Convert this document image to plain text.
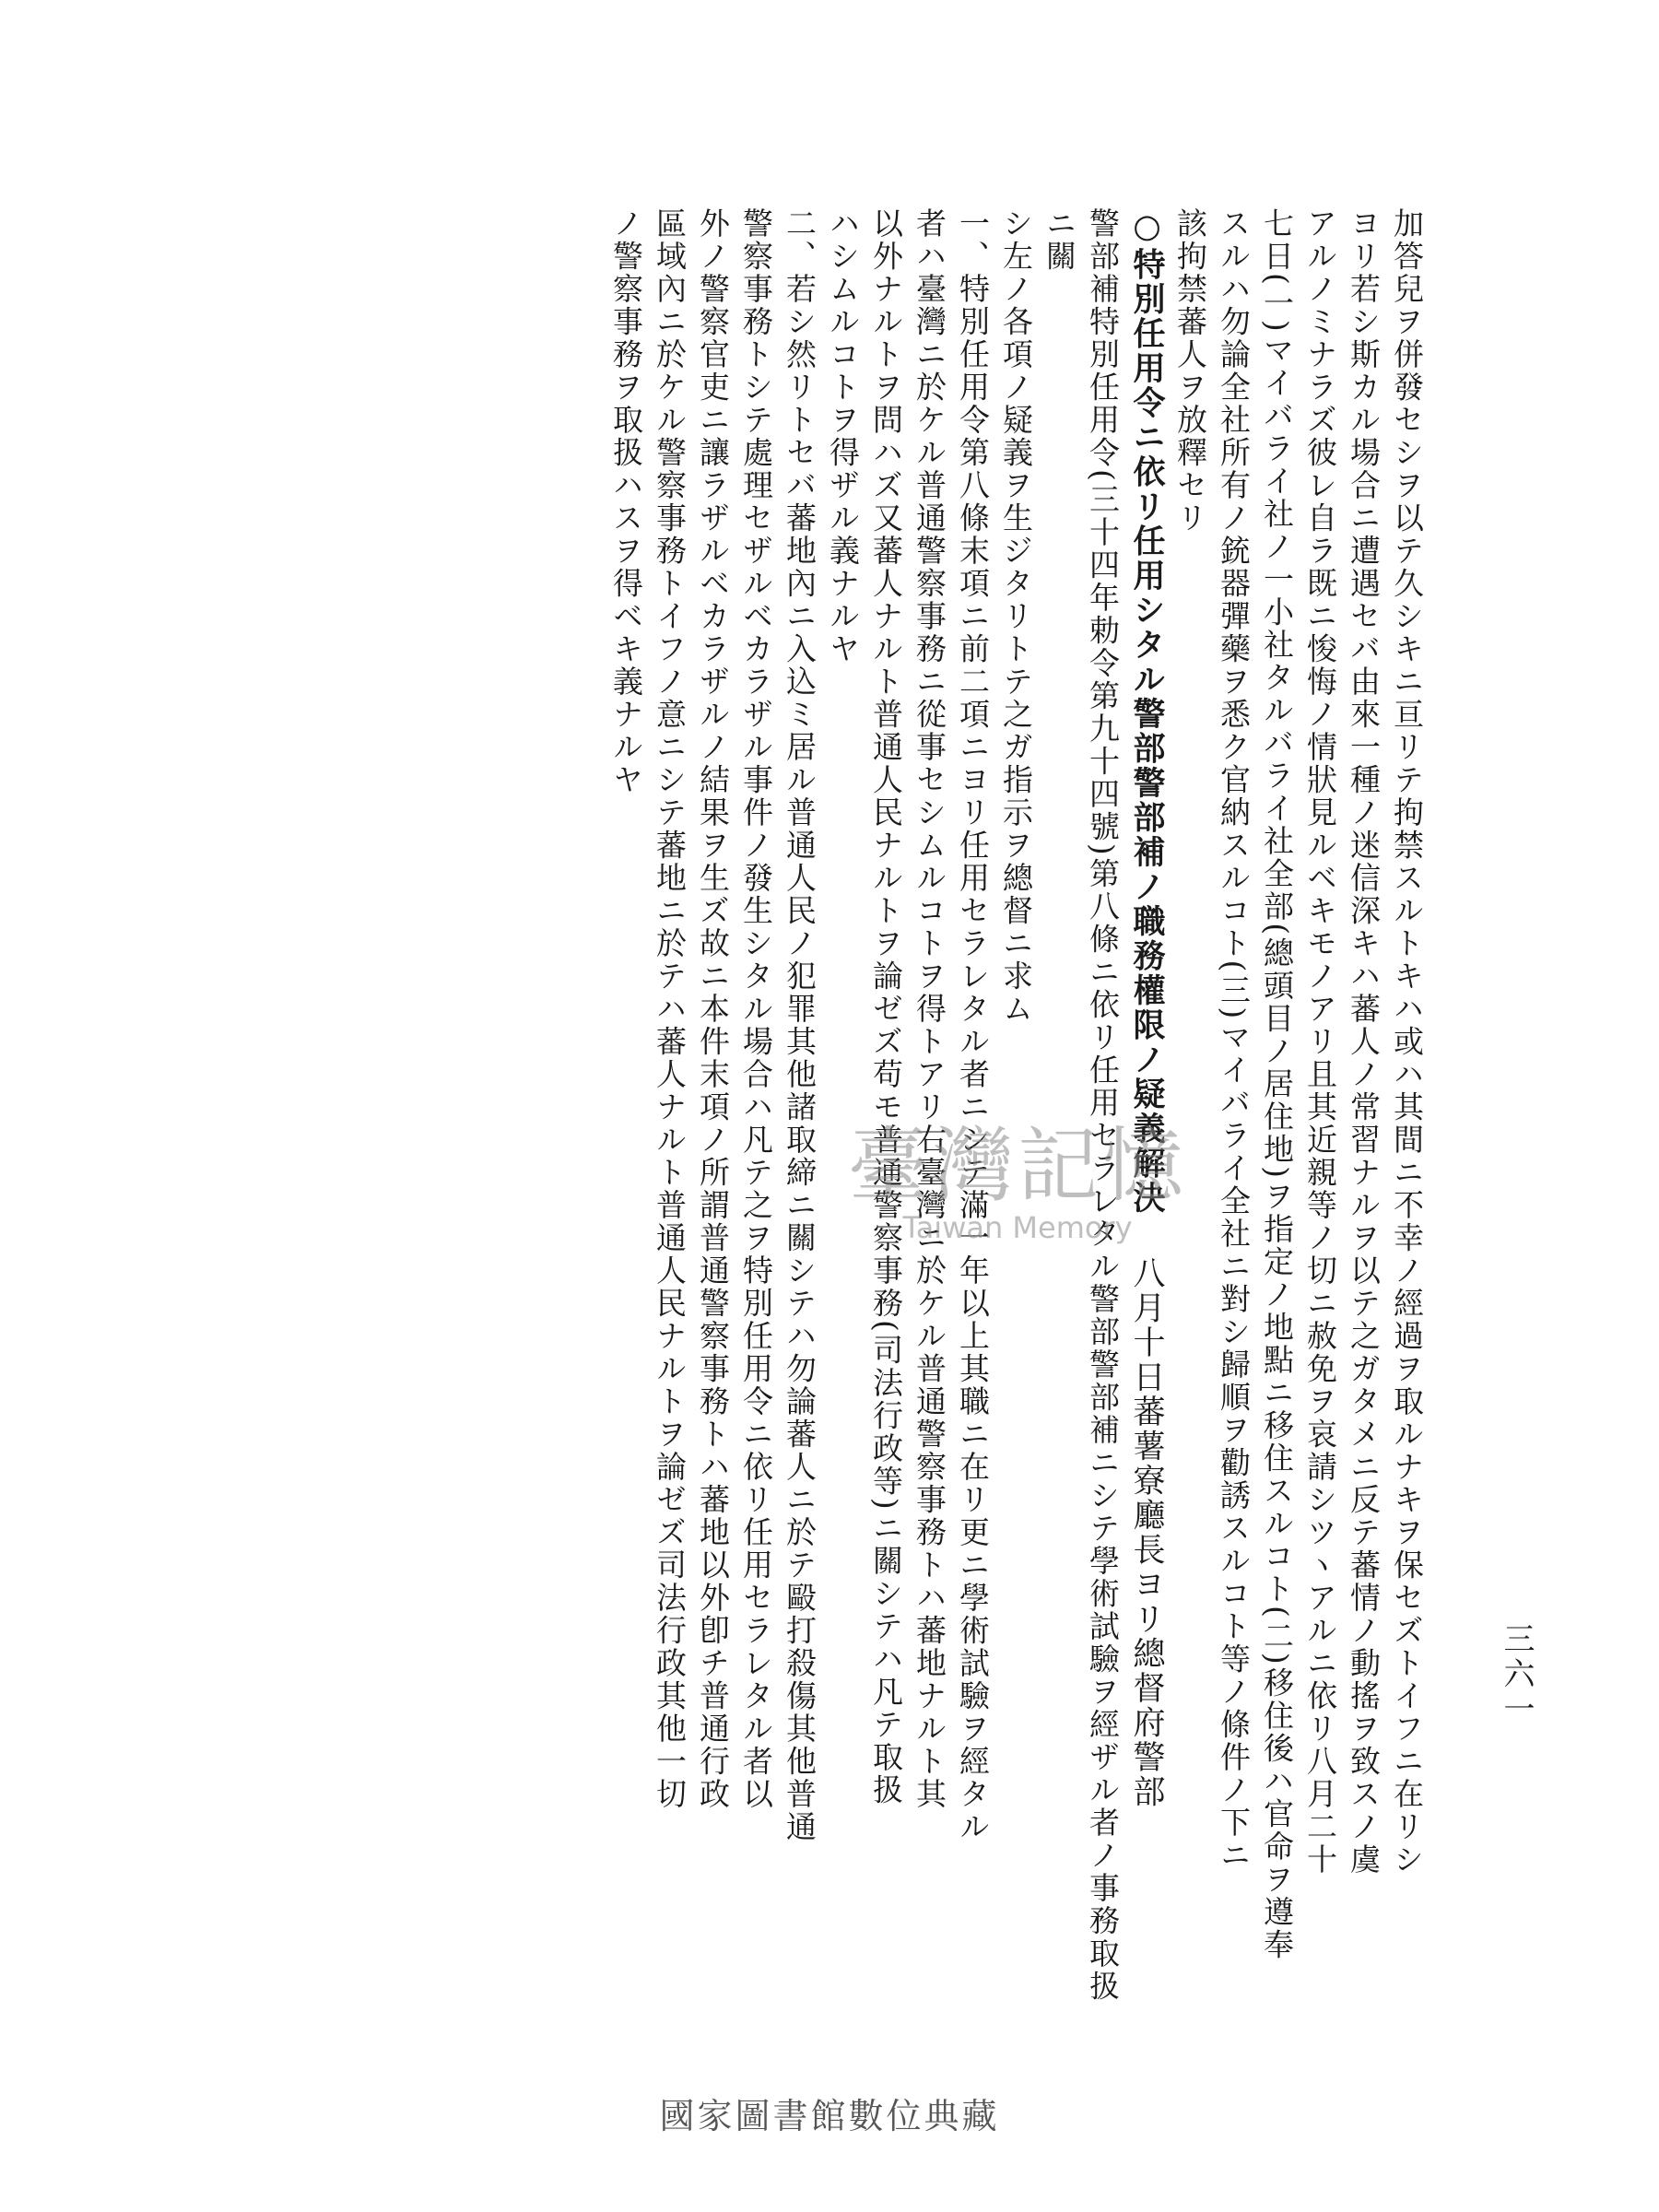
加答兒ヲ併發セシヲ以テ久シキニ亘リテ拘禁スルトキハ或ハ其間ニ不幸ノ經過ヲ取ルナキヲ保セズトイフニ在リシ

ヨリ若シ斯カル場合ニ遭遇セバ由來一種ノ迷信深キハ蕃人ノ常習ナルヲ以テ之ガタメニ反テ蕃情ノ動搖ヲ致スノ虞

アルノミナラズ彼レ自ラ既ニ悛悔ノ情狀見ルベキモノアリ且其近親等ノ切ニ赦免ヲ哀請シツヽアルニ依リ八月二十

七日(一)マイバライ社ノ一小社タルバライ社全部(總頭目ノ居住地)ヲ指定ノ地點ニ移住スルコト(二)移住後ハ官命ヲ遵奉

スルハ勿論全社所有ノ銃器彈藥ヲ悉ク官納スルコト(三)マイバライ全社ニ對シ歸順ヲ勸誘スルコト等ノ條件ノ下ニ

該拘禁蕃人ヲ放釋セリ

○特別任用令ニ依リ任用シタル警部警部補ノ職務權限ノ疑義解決 八月十日蕃薯寮廳長ヨリ總督府警部

警部補特別任用令(三十四年勅令第九十四號)第八條ニ依リ任用セラレタル警部警部補ニシテ學術試驗ヲ經ザル者ノ事務取扱ニ關

シ左ノ各項ノ疑義ヲ生ジタリトテ之ガ指示ヲ總督ニ求ム

一、特別任用令第八條末項ニ前二項ニヨリ任用セラレタル者ニシテ滿一年以上其職ニ在リ更ニ學術試驗ヲ經タル

者ハ臺灣ニ於ケル普通警察事務ニ從事セシムルコトヲ得トアリ右臺灣ニ於ケル普通警察事務トハ蕃地ナルト其

以外ナルトヲ問ハズ又蕃人ナルト普通人民ナルトヲ論ゼズ苟モ普通警察事務(司法行政等)ニ關シテハ凡テ取扱

ハシムルコトヲ得ザル義ナルヤ

二、若シ然リトセバ蕃地內ニ入込ミ居ル普通人民ノ犯罪其他諸取締ニ關シテハ勿論蕃人ニ於テ毆打殺傷其他普通

警察事務トシテ處理セザルベカラザル事件ノ發生シタル場合ハ凡テ之ヲ特別任用令ニ依リ任用セラレタル者以

外ノ警察官吏ニ讓ラザルベカラザルノ結果ヲ生ズ故ニ本件末項ノ所謂普通警察事務トハ蕃地以外卽チ普通行政

區域內ニ於ケル警察事務トイフノ意ニシテ蕃地ニ於テハ蕃人ナルト普通人民ナルトヲ論ゼズ司法行政其他一切

ノ警察事務ヲ取扱ハスヲ得ベキ義ナルヤ

三六一
臺灣記憶
Taiwan Memory
國家圖書館數位典藏
